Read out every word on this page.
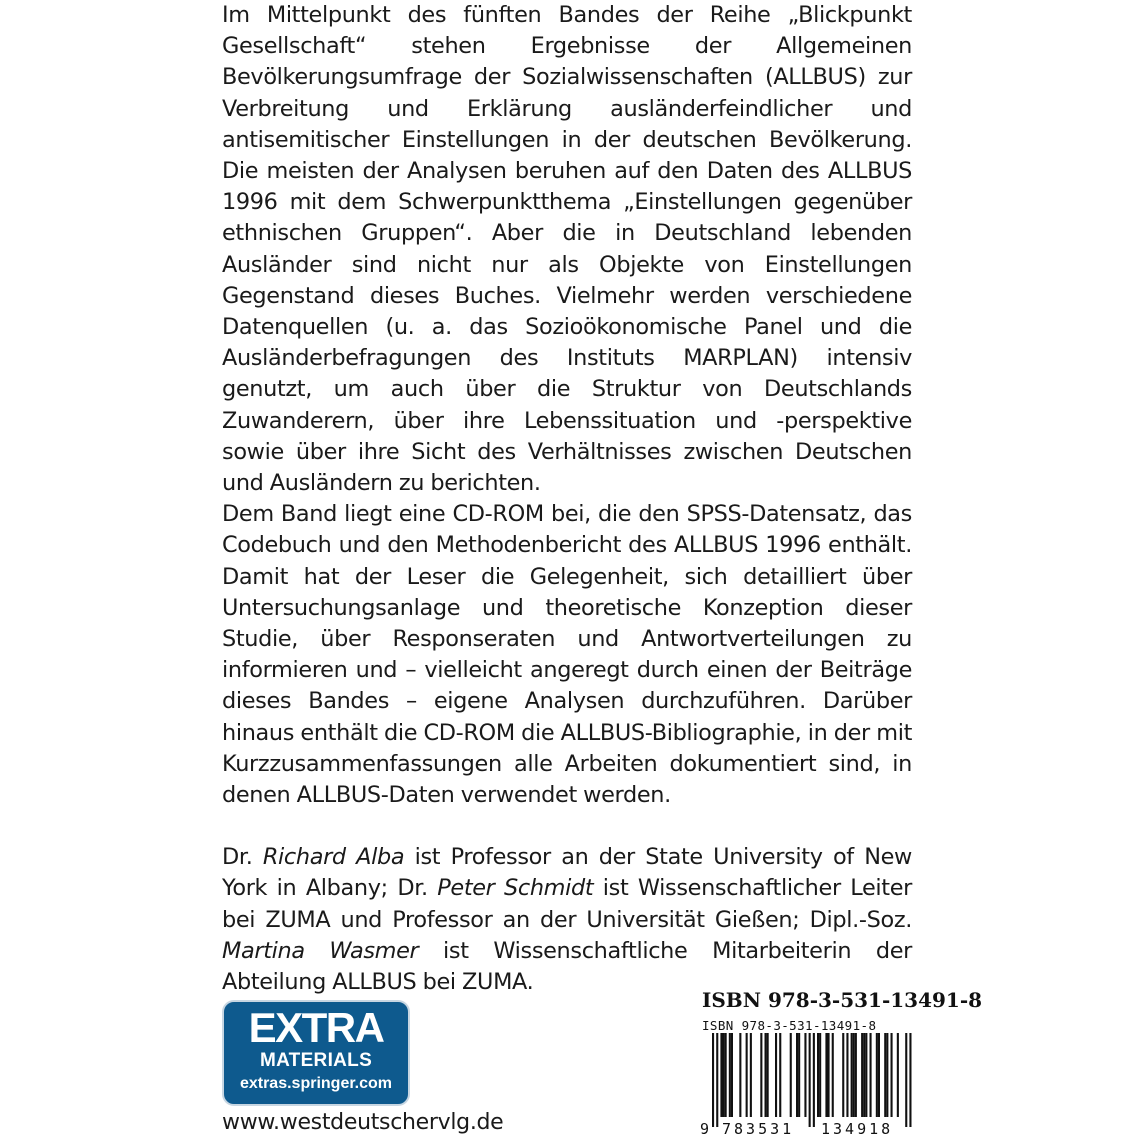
Im Mittelpunkt des fünften Bandes der Reihe „Blickpunkt Gesellschaft“ stehen Ergebnisse der Allgemeinen Bevölkerungsumfrage der Sozialwissenschaften (ALLBUS) zur Verbreitung und Erklärung ausländerfeindlicher und antisemitischer Einstellungen in der deutschen Bevölkerung. Die meisten der Analysen beruhen auf den Daten des ALLBUS 1996 mit dem Schwerpunktthema „Einstellungen gegenüber ethnischen Gruppen“. Aber die in Deutschland lebenden Ausländer sind nicht nur als Objekte von Einstellungen Gegenstand dieses Buches. Vielmehr werden verschiedene Datenquellen (u. a. das Sozioökonomische Panel und die Ausländerbefragungen des Instituts MARPLAN) intensiv genutzt, um auch über die Struktur von Deutschlands Zuwanderern, über ihre Lebenssituation und -perspektive sowie über ihre Sicht des Verhältnisses zwischen Deutschen und Ausländern zu berichten.

Dem Band liegt eine CD-ROM bei, die den SPSS-Datensatz, das Codebuch und den Methodenbericht des ALLBUS 1996 enthält. Damit hat der Leser die Gelegenheit, sich detailliert über Untersuchungsanlage und theoretische Konzeption dieser Studie, über Responseraten und Antwortverteilungen zu informieren und – vielleicht angeregt durch einen der Beiträge dieses Bandes – eigene Analysen durchzuführen. Darüber hinaus enthält die CD-ROM die ALLBUS-Bibliographie, in der mit Kurzzusammenfassungen alle Arbeiten dokumentiert sind, in denen ALLBUS-Daten verwendet werden.

Dr. Richard Alba ist Professor an der State University of New York in Albany; Dr. Peter Schmidt ist Wissenschaftlicher Leiter bei ZUMA und Professor an der Universität Gießen; Dipl.-Soz. Martina Wasmer ist Wissenschaftliche Mitarbeiterin der Abteilung ALLBUS bei ZUMA.

EXTRA
MATERIALS
extras.springer.com
www.westdeutschervlg.de
ISBN 978-3-531-13491-8
ISBN 978-3-531-13491-8
9 783531 134918
